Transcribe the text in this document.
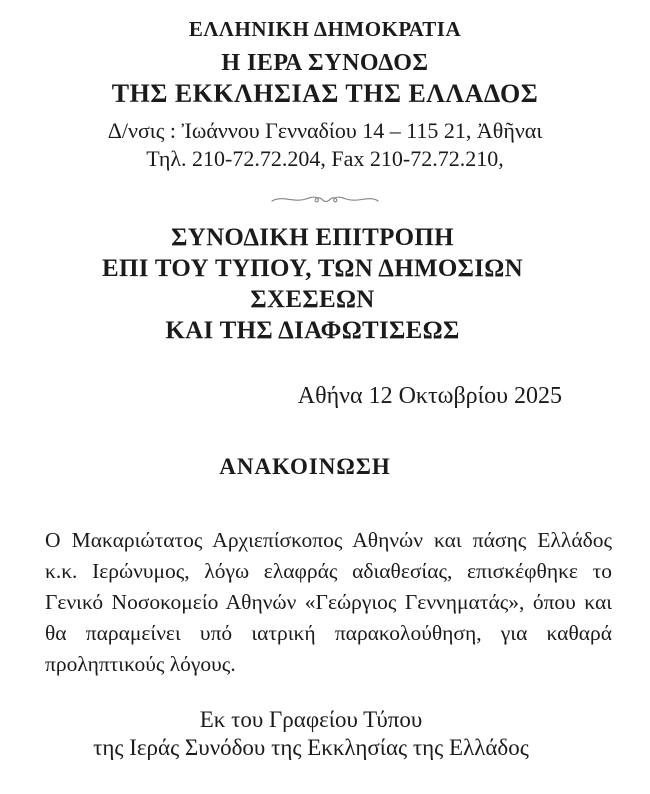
ΕΛΛΗΝΙΚΗ ΔΗΜΟΚΡΑΤΙΑ
Η ΙΕΡΑ ΣΥΝΟΔΟΣ
ΤΗΣ ΕΚΚΛΗΣΙΑΣ ΤΗΣ ΕΛΛΑΔΟΣ
Δ/νσις : Ἰωάννου Γενναδίου 14 – 115 21, Ἀθῆναι
Τηλ. 210-72.72.204, Fax 210-72.72.210,
ΣΥΝΟΔΙΚΗ ΕΠΙΤΡΟΠΗ
ΕΠΙ ΤΟΥ ΤΥΠΟΥ, ΤΩΝ ΔΗΜΟΣΙΩΝ
ΣΧΕΣΕΩΝ
ΚΑΙ ΤΗΣ ΔΙΑΦΩΤΙΣΕΩΣ
Αθήνα 12 Οκτωβρίου 2025
ΑΝΑΚΟΙΝΩΣΗ

Ο Μακαριώτατος Αρχιεπίσκοπος Αθηνών και πάσης Ελλάδος κ.κ. Ιερώνυμος, λόγω ελαφράς αδιαθεσίας, επισκέφθηκε το Γενικό Νοσοκομείο Αθηνών «Γεώργιος Γεννηματάς», όπου και θα παραμείνει υπό ιατρική παρακολούθηση, για καθαρά προληπτικούς λόγους.

Εκ του Γραφείου Τύπου
της Ιεράς Συνόδου της Εκκλησίας της Ελλάδος
